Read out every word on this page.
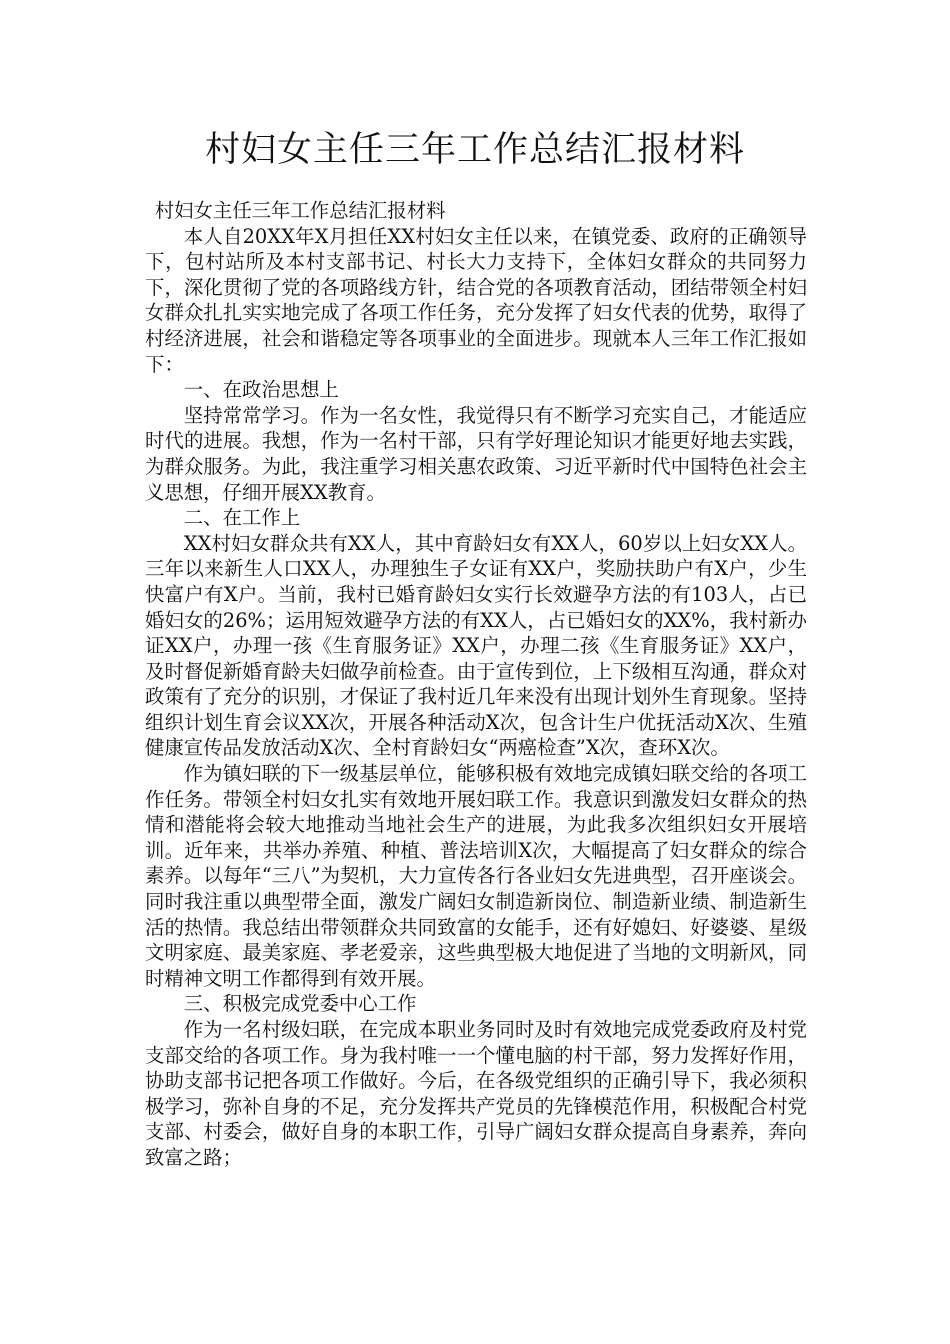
村妇女主任三年工作总结汇报材料

村妇女主任三年工作总结汇报材料

本人自20XX年X月担任XX村妇女主任以来，在镇党委、政府的正确领导下，包村站所及本村支部书记、村长大力支持下，全体妇女群众的共同努力下，深化贯彻了党的各项路线方针，结合党的各项教育活动，团结带领全村妇女群众扎扎实实地完成了各项工作任务，充分发挥了妇女代表的优势，取得了村经济进展，社会和谐稳定等各项事业的全面进步。现就本人三年工作汇报如下：

一、在政治思想上

坚持常常学习。作为一名女性，我觉得只有不断学习充实自己，才能适应时代的进展。我想，作为一名村干部，只有学好理论知识才能更好地去实践，为群众服务。为此，我注重学习相关惠农政策、习近平新时代中国特色社会主义思想，仔细开展XX教育。

二、在工作上

XX村妇女群众共有XX人，其中育龄妇女有XX人，60岁以上妇女XX人。三年以来新生人口XX人，办理独生子女证有XX户，奖励扶助户有X户，少生快富户有X户。当前，我村已婚育龄妇女实行长效避孕方法的有103人，占已婚妇女的26%；运用短效避孕方法的有XX人，占已婚妇女的XX%，我村新办证XX户，办理一孩《生育服务证》XX户，办理二孩《生育服务证》XX户，及时督促新婚育龄夫妇做孕前检查。由于宣传到位，上下级相互沟通，群众对政策有了充分的识别，才保证了我村近几年来没有出现计划外生育现象。坚持组织计划生育会议XX次，开展各种活动X次，包含计生户优抚活动X次、生殖健康宣传品发放活动X次、全村育龄妇女“两癌检查”X次，查环X次。

作为镇妇联的下一级基层单位，能够积极有效地完成镇妇联交给的各项工作任务。带领全村妇女扎实有效地开展妇联工作。我意识到激发妇女群众的热情和潜能将会较大地推动当地社会生产的进展，为此我多次组织妇女开展培训。近年来，共举办养殖、种植、普法培训X次，大幅提高了妇女群众的综合素养。以每年“三八”为契机，大力宣传各行各业妇女先进典型，召开座谈会。同时我注重以典型带全面，激发广阔妇女制造新岗位、制造新业绩、制造新生活的热情。我总结出带领群众共同致富的女能手，还有好媳妇、好婆婆、星级文明家庭、最美家庭、孝老爱亲，这些典型极大地促进了当地的文明新风，同时精神文明工作都得到有效开展。

三、积极完成党委中心工作

作为一名村级妇联，在完成本职业务同时及时有效地完成党委政府及村党支部交给的各项工作。身为我村唯一一个懂电脑的村干部，努力发挥好作用，协助支部书记把各项工作做好。今后，在各级党组织的正确引导下，我必须积极学习，弥补自身的不足，充分发挥共产党员的先锋模范作用，积极配合村党支部、村委会，做好自身的本职工作，引导广阔妇女群众提高自身素养，奔向致富之路；
